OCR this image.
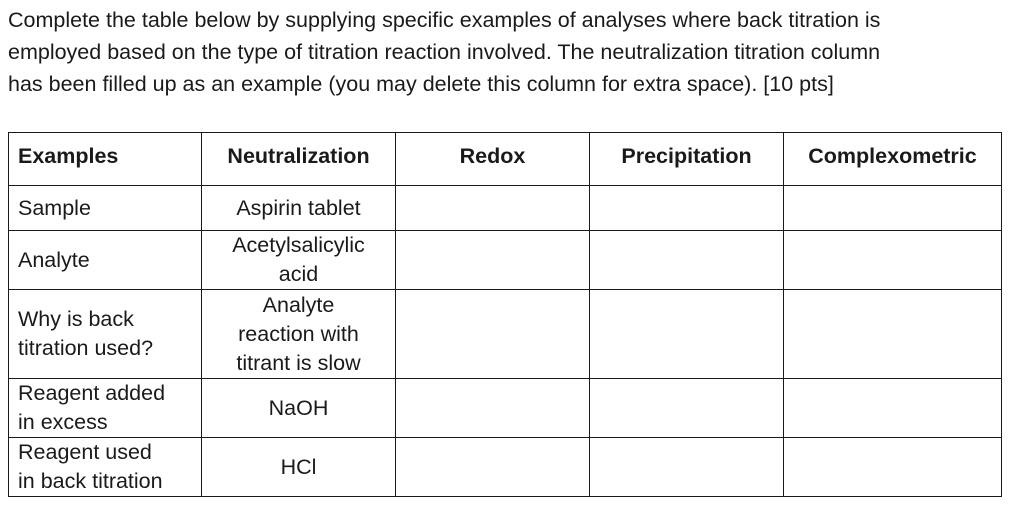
Complete the table below by supplying specific examples of analyses where back titration is
employed based on the type of titration reaction involved. The neutralization titration column
has been filled up as an example (you may delete this column for extra space). [10 pts]

Examples	Neutralization	Redox	Precipitation	Complexometric

Sample	Aspirin tablet			

Analyte	Acetylsalicylic
acid			

Why is back
titration used?	Analyte
reaction with
titrant is slow			

Reagent added
in excess	NaOH			

Reagent used
in back titration	HCl			
